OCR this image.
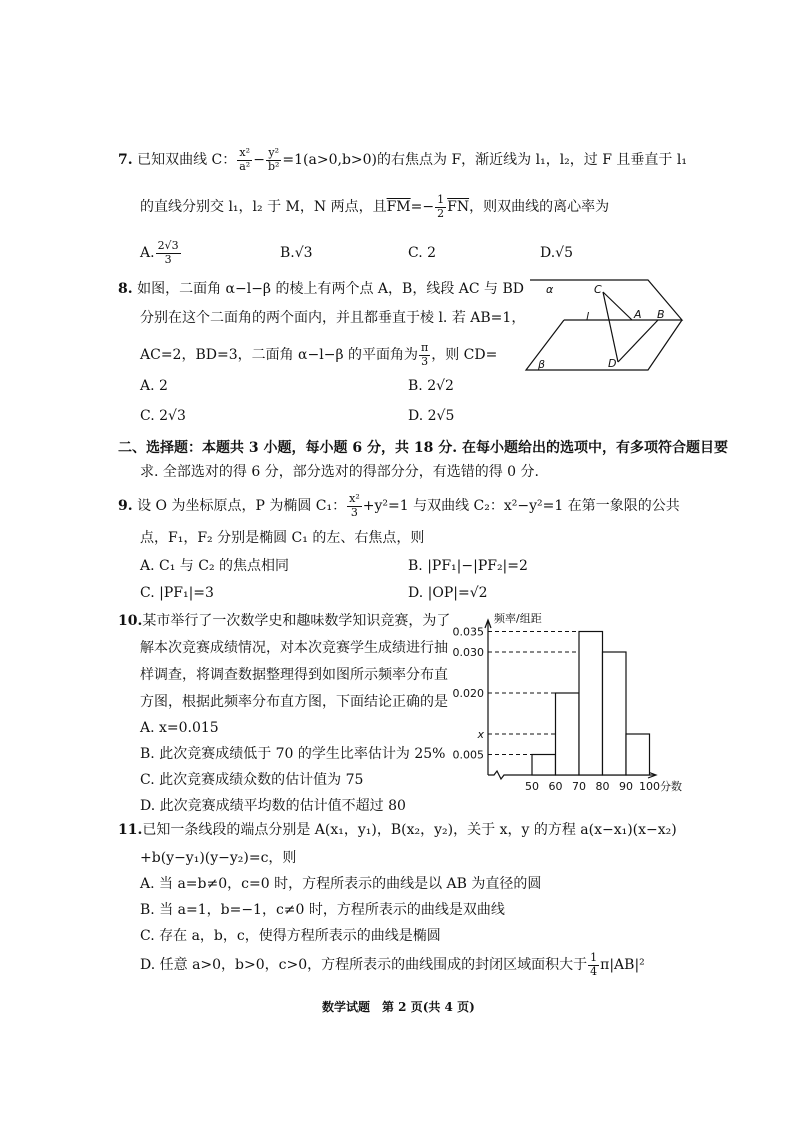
7. 已知双曲线 C： $\frac{\text{x²}}{\text{a²}} - \frac{\text{y²}}{\text{b²}} =1(a>0,b>0)$的右焦点为 F，渐近线为 l₁，l₂，过 F 且垂直于 l₁
的直线分别交 l₁，l₂ 于 M，N 两点，且$\overline{FM}=- \frac{1}{2} \overline{FN}$，则双曲线的离心率为
A. $\frac{2√3}{3}$	B.√3	C. 2	D.√5
8. 如图，二面角 α−l−β 的棱上有两个点 A，B，线段 AC 与 BD
分别在这个二面角的两个面内，并且都垂直于棱 l. 若 AB=1，
AC=2，BD=3，二面角 α−l−β 的平面角为 $\frac{\pi}{3}$ ，则 CD=
A. 2	B. 2√2
C. 2√3	D. 2√5
α
l
C
A B
D
β
二、选择题：本题共 3 小题，每小题 6 分，共 18 分. 在每小题给出的选项中，有多项符合题目要
求. 全部选对的得 6 分，部分选对的得部分分，有选错的得 0 分.
9. 设 O 为坐标原点，P 为椭圆 C₁： $\frac{\text{x²}}{3} +y^2=1$ 与双曲线 C₂：x²−y²=1 在第一象限的公共
点，F₁，F₂ 分别是椭圆 C₁ 的左、右焦点，则
A. C₁ 与 C₂ 的焦点相同	B. |PF₁|−|PF₂|=2
C. |PF₁|=3	D. |OP|=√2
10.某市举行了一次数学史和趣味数学知识竞赛，为了
解本次竞赛成绩情况，对本次竞赛学生成绩进行抽
样调查，将调查数据整理得到如图所示频率分布直
方图，根据此频率分布直方图，下面结论正确的是
A. x=0.015
B. 此次竞赛成绩低于 70 的学生比率估计为 25%
C. 此次竞赛成绩众数的估计值为 75
D. 此次竞赛成绩平均数的估计值不超过 80
0.035
0.030
0.020
x
0.005
50 60 70 80 90 100
频率/组距
分数
11.已知一条线段的端点分别是 A(x₁，y₁)，B(x₂，y₂)，关于 x，y 的方程 a(x−x₁)(x−x₂)
+b(y−y₁)(y−y₂)=c，则
A. 当 a=b≠0，c=0 时，方程所表示的曲线是以 AB 为直径的圆
B. 当 a=1，b=−1，c≠0 时，方程所表示的曲线是双曲线
C. 存在 a，b，c，使得方程所表示的曲线是椭圆
D. 任意 a>0，b>0，c>0，方程所表示的曲线围成的封闭区域面积大于 $\frac{1}{4} \pi|AB|^2$
数学试题　第 2 页(共 4 页)
